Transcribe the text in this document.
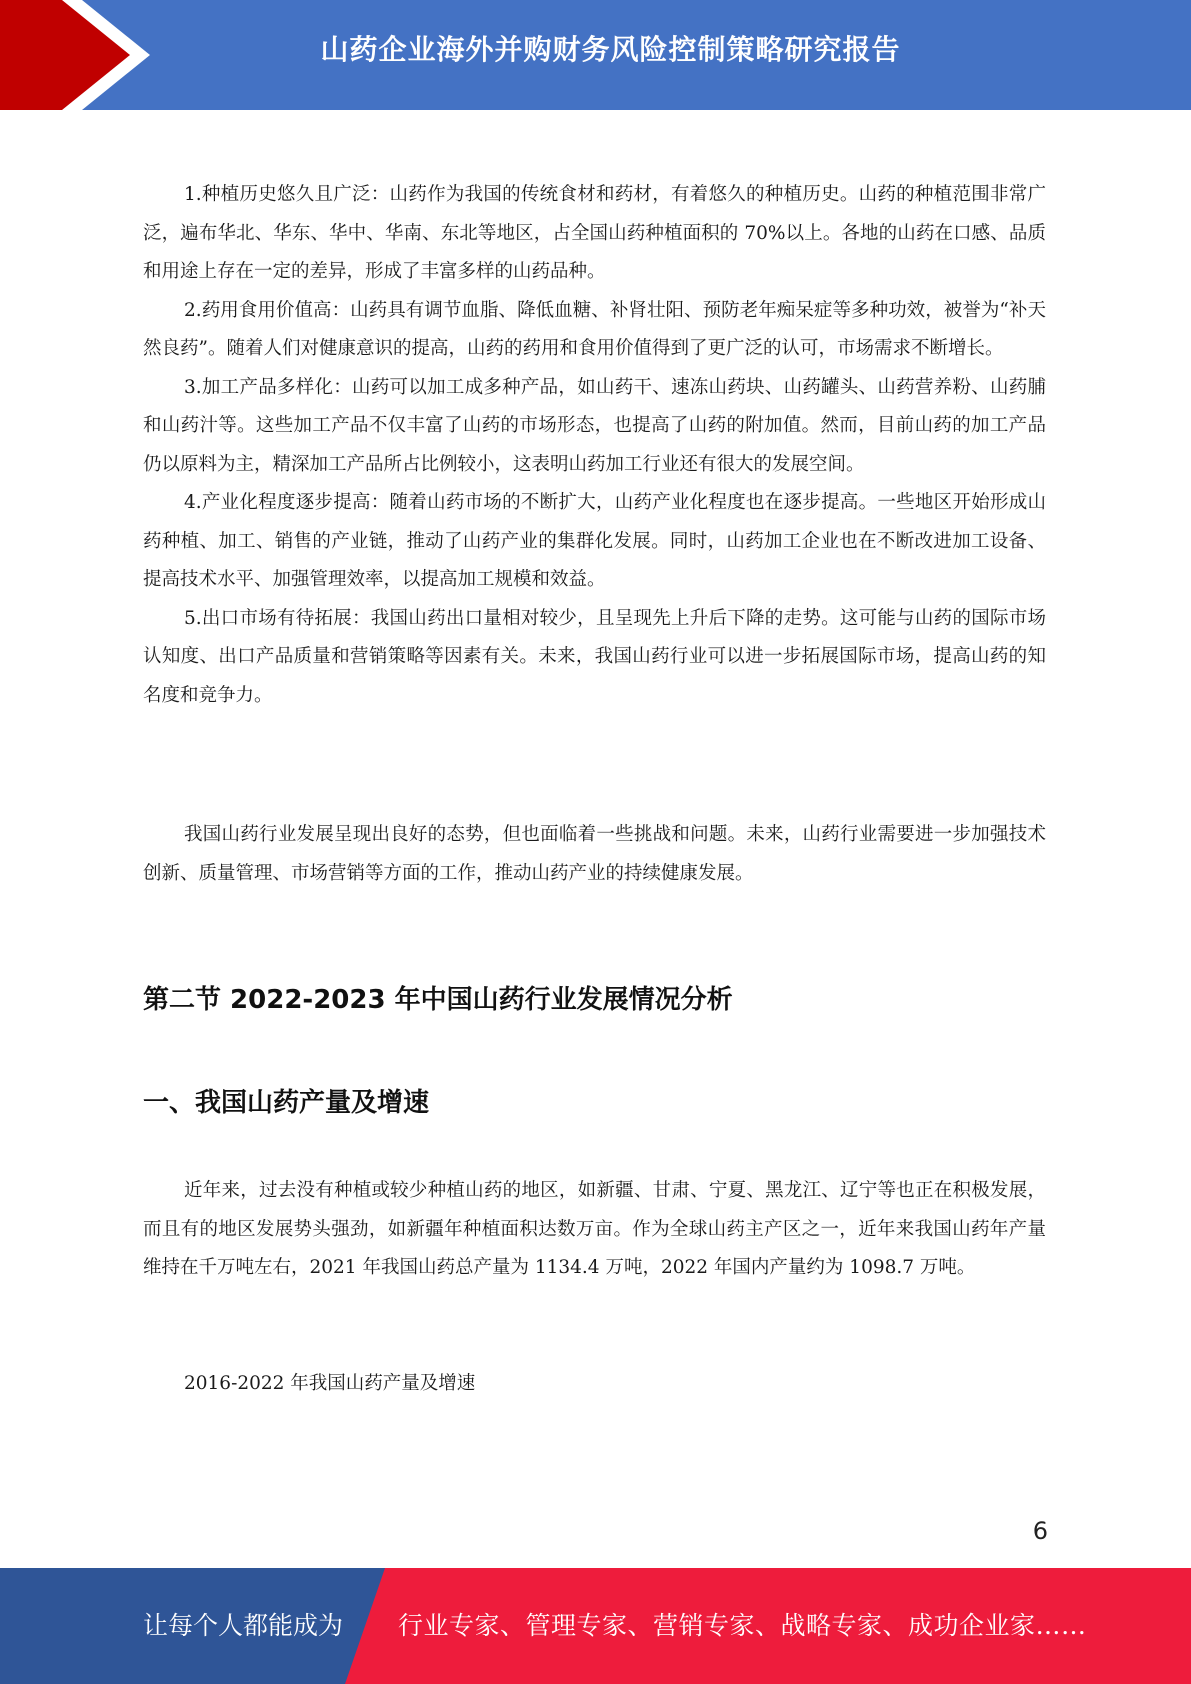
山药企业海外并购财务风险控制策略研究报告

1.种植历史悠久且广泛：山药作为我国的传统食材和药材，有着悠久的种植历史。山药的种植范围非常广泛，遍布华北、华东、华中、华南、东北等地区，占全国山药种植面积的 70%以上。各地的山药在口感、品质和用途上存在一定的差异，形成了丰富多样的山药品种。

2.药用食用价值高：山药具有调节血脂、降低血糖、补肾壮阳、预防老年痴呆症等多种功效，被誉为“补天然良药”。随着人们对健康意识的提高，山药的药用和食用价值得到了更广泛的认可，市场需求不断增长。

3.加工产品多样化：山药可以加工成多种产品，如山药干、速冻山药块、山药罐头、山药营养粉、山药脯和山药汁等。这些加工产品不仅丰富了山药的市场形态，也提高了山药的附加值。然而，目前山药的加工产品仍以原料为主，精深加工产品所占比例较小，这表明山药加工行业还有很大的发展空间。

4.产业化程度逐步提高：随着山药市场的不断扩大，山药产业化程度也在逐步提高。一些地区开始形成山药种植、加工、销售的产业链，推动了山药产业的集群化发展。同时，山药加工企业也在不断改进加工设备、提高技术水平、加强管理效率，以提高加工规模和效益。

5.出口市场有待拓展：我国山药出口量相对较少，且呈现先上升后下降的走势。这可能与山药的国际市场认知度、出口产品质量和营销策略等因素有关。未来，我国山药行业可以进一步拓展国际市场，提高山药的知名度和竞争力。

我国山药行业发展呈现出良好的态势，但也面临着一些挑战和问题。未来，山药行业需要进一步加强技术创新、质量管理、市场营销等方面的工作，推动山药产业的持续健康发展。

第二节 2022-2023 年中国山药行业发展情况分析
一、我国山药产量及增速

近年来，过去没有种植或较少种植山药的地区，如新疆、甘肃、宁夏、黑龙江、辽宁等也正在积极发展，而且有的地区发展势头强劲，如新疆年种植面积达数万亩。作为全球山药主产区之一，近年来我国山药年产量维持在千万吨左右，2021 年我国山药总产量为 1134.4 万吨，2022 年国内产量约为 1098.7 万吨。

2016-2022 年我国山药产量及增速

6
让每个人都能成为 行业专家、管理专家、营销专家、战略专家、成功企业家……
